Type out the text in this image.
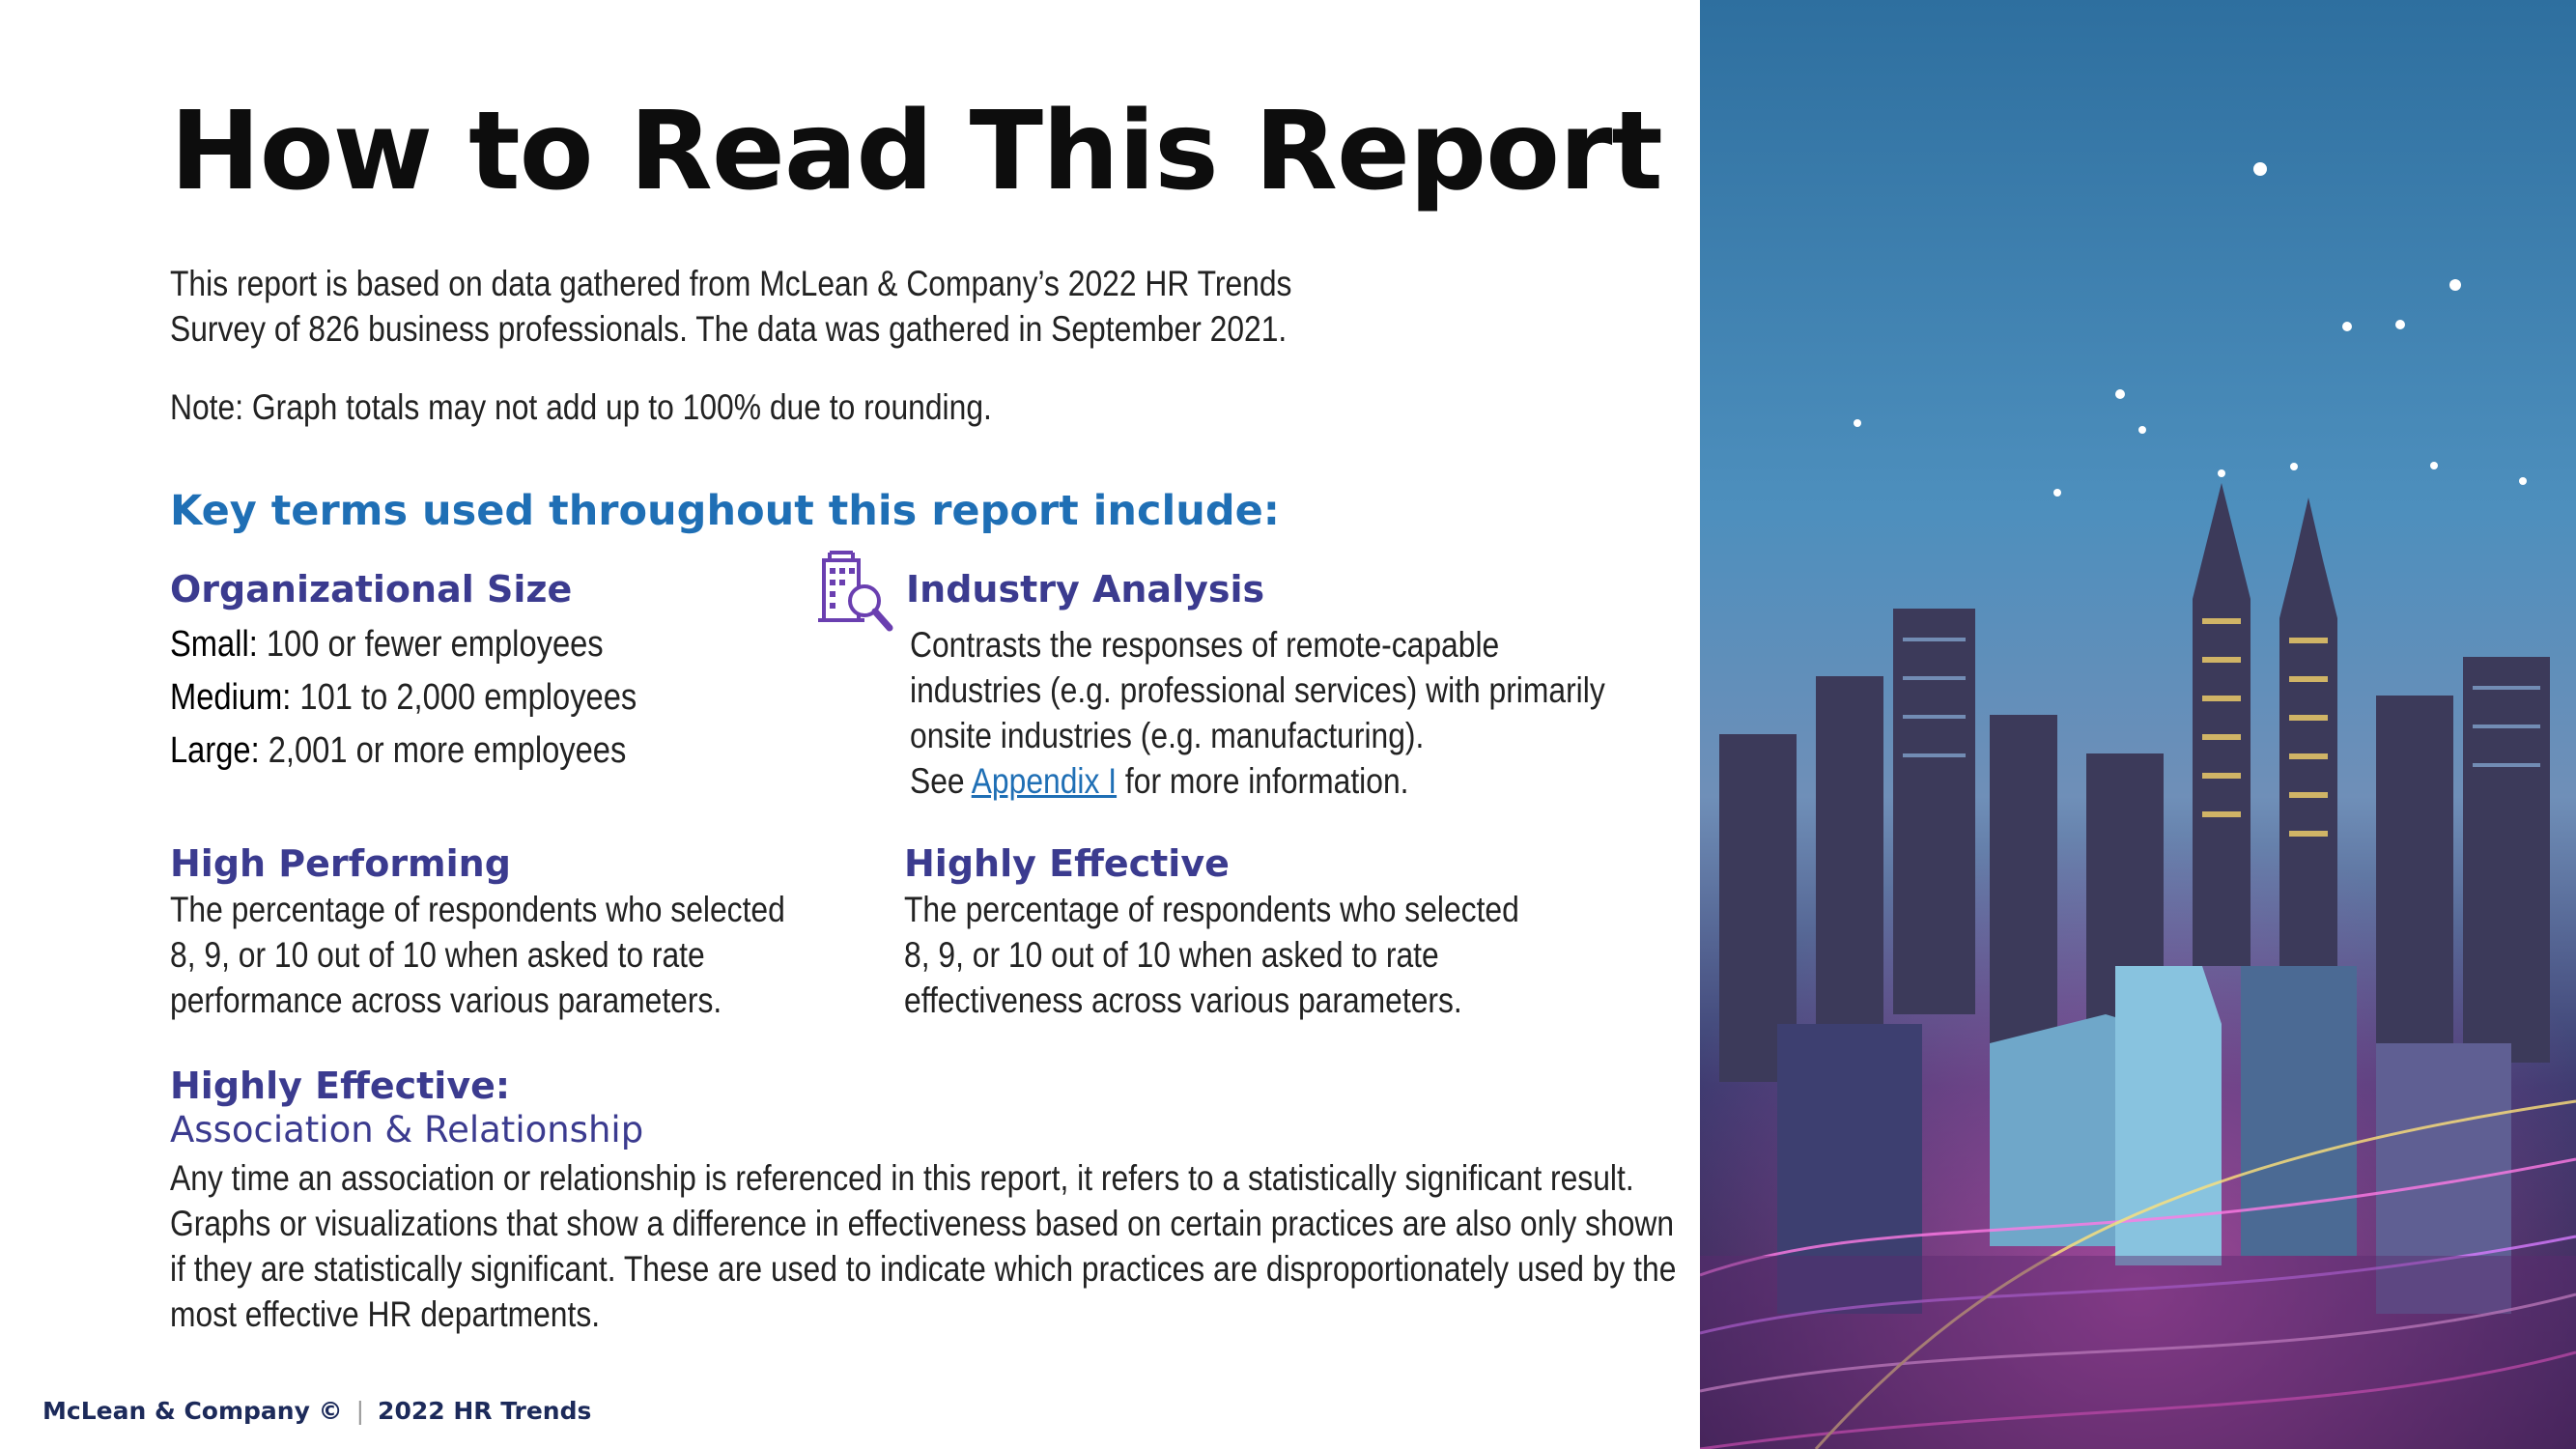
How to Read This Report

This report is based on data gathered from McLean & Company’s 2022 HR Trends Survey of 826 business professionals. The data was gathered in September 2021.

Note: Graph totals may not add up to 100% due to rounding.

Key terms used throughout this report include:
Organizational Size

Small: 100 or fewer employees

Medium: 101 to 2,000 employees

Large: 2,001 or more employees

Industry Analysis

Contrasts the responses of remote-capable industries (e.g. professional services) with primarily onsite industries (e.g. manufacturing).
See Appendix I for more information.

High Performing

The percentage of respondents who selected 8, 9, or 10 out of 10 when asked to rate performance across various parameters.

Highly Effective

The percentage of respondents who selected 8, 9, or 10 out of 10 when asked to rate effectiveness across various parameters.

Highly Effective:

Association & Relationship

Any time an association or relationship is referenced in this report, it refers to a statistically significant result. Graphs or visualizations that show a difference in effectiveness based on certain practices are also only shown if they are statistically significant. These are used to indicate which practices are disproportionately used by the most effective HR departments.

McLean & Company © | 2022 HR Trends
